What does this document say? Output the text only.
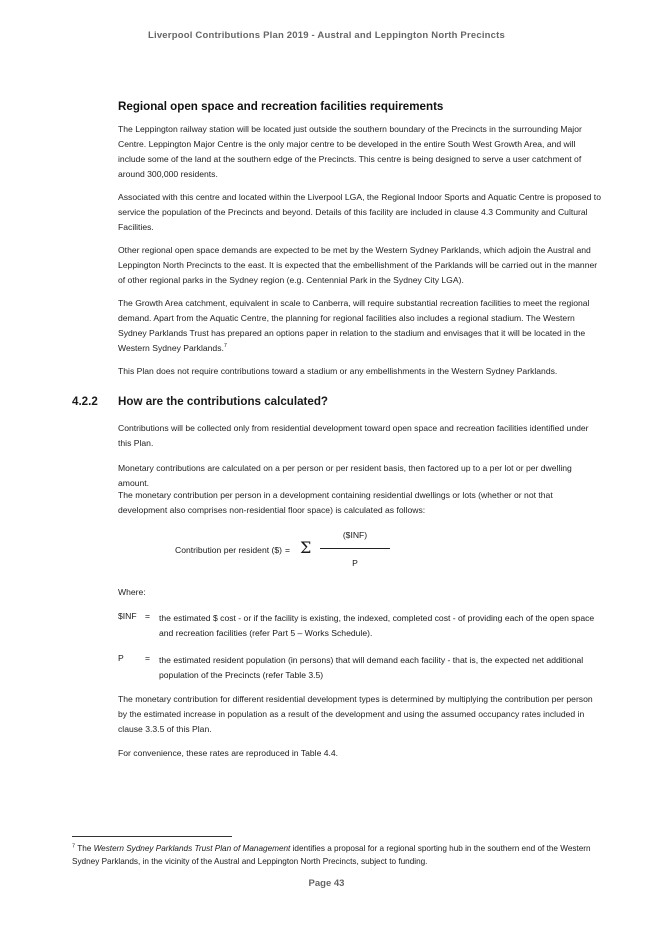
Liverpool Contributions Plan 2019 - Austral and Leppington North Precincts
Regional open space and recreation facilities requirements

The Leppington railway station will be located just outside the southern boundary of the Precincts in the surrounding Major Centre. Leppington Major Centre is the only major centre to be developed in the entire South West Growth Area, and will include some of the land at the southern edge of the Precincts. This centre is being designed to serve a user catchment of around 300,000 residents.

Associated with this centre and located within the Liverpool LGA, the Regional Indoor Sports and Aquatic Centre is proposed to service the population of the Precincts and beyond. Details of this facility are included in clause 4.3 Community and Cultural Facilities.

Other regional open space demands are expected to be met by the Western Sydney Parklands, which adjoin the Austral and Leppington North Precincts to the east. It is expected that the embellishment of the Parklands will be carried out in the manner of other regional parks in the Sydney region (e.g. Centennial Park in the Sydney City LGA).

The Growth Area catchment, equivalent in scale to Canberra, will require substantial recreation facilities to meet the regional demand. Apart from the Aquatic Centre, the planning for regional facilities also includes a regional stadium. The Western Sydney Parklands Trust has prepared an options paper in relation to the stadium and envisages that it will be located in the Western Sydney Parklands.$^7$

This Plan does not require contributions toward a stadium or any embellishments in the Western Sydney Parklands.

4.2.2 How are the contributions calculated?

Contributions will be collected only from residential development toward open space and recreation facilities identified under this Plan.

Monetary contributions are calculated on a per person or per resident basis, then factored up to a per lot or per dwelling amount.

The monetary contribution per person in a development containing residential dwellings or lots (whether or not that development also comprises non-residential floor space) is calculated as follows:

Contribution per resident ($) = Σ
($INF)
P
Where:
$INF = the estimated $ cost - or if the facility is existing, the indexed, completed cost - of providing each of the open space and recreation facilities (refer Part 5 – Works Schedule).

P = the estimated resident population (in persons) that will demand each facility - that is, the expected net additional population of the Precincts (refer Table 3.5)

The monetary contribution for different residential development types is determined by multiplying the contribution per person by the estimated increase in population as a result of the development and using the assumed occupancy rates included in clause 3.3.5 of this Plan.

For convenience, these rates are reproduced in Table 4.4.

$^7$ The Western Sydney Parklands Trust Plan of Management identifies a proposal for a regional sporting hub in the southern end of the Western Sydney Parklands, in the vicinity of the Austral and Leppington North Precincts, subject to funding.

Page 43
